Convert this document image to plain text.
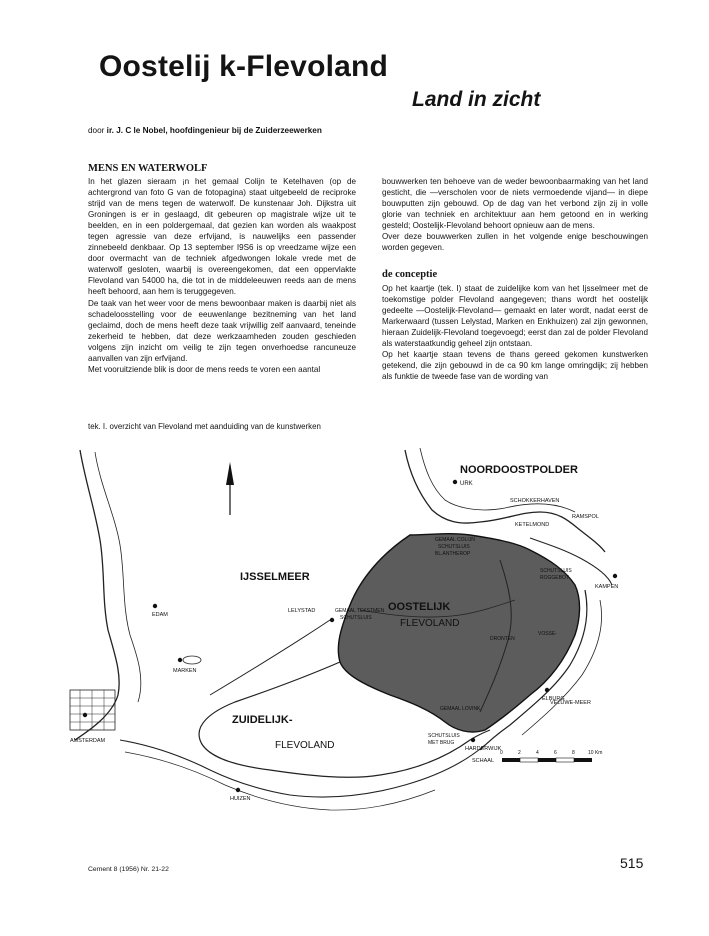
Oostelij k-Flevoland
Land in zicht
door ir. J. C le Nobel, hoofdingenieur bij de Zuiderzeewerken
MENS EN WATERWOLF

In het glazen sieraam ¡n het gemaal Colijn te Ketelhaven (op de achtergrond van foto G van de fotopagina) staat uitgebeeld de reciproke strijd van de mens tegen de waterwolf. De kunstenaar Joh. Dijkstra uit Groningen is er in geslaagd, dit gebeuren op magistrale wijze uit te beelden, en in een poldergemaal, dat gezien kan worden als waakpost tegen agressie van deze erfvijand, is nauwelijks een passender zinnebeeld denkbaar. Op 13 september I9S6 is op vreedzame wijze een door overmacht van de techniek afgedwongen lokale vrede met de waterwolf gesloten, waarbij is overeengekomen, dat een oppervlakte Flevoland van 54000 ha, die tot in de middeleeuwen reeds aan de mens heeft behoord, aan hem is teruggegeven.

De taak van het weer voor de mens bewoonbaar maken is daarbij niet als schadeloosstelling voor de eeuwenlange bezitneming van het land geclaimd, doch de mens heeft deze taak vrijwillig zelf aanvaard, teneinde zekerheid te hebben, dat deze werkzaamheden zouden geschieden volgens zijn inzicht om veilig te zijn tegen onverhoedse rancuneuze aanvallen van zijn erfvijand.

Met vooruitziende blik is door de mens reeds te voren een aantal

bouwwerken ten behoeve van de weder bewoonbaarmaking van het land gesticht, die —verscholen voor de niets vermoedende vijand— in diepe bouwputten zijn gebouwd. Op de dag van het verbond zijn zij in volle glorie van techniek en architektuur aan hem getoond en in werking gesteld; Oostelijk-Flevoland behoort opnieuw aan de mens.

Over deze bouwwerken zullen in het volgende enige beschouwingen worden gegeven.

de conceptie

Op het kaartje (tek. I) staat de zuidelijke kom van het Ijsselmeer met de toekomstige polder Flevoland aangegeven; thans wordt het oostelijk gedeelte —Oostelijk-Flevoland— gemaakt en later wordt, nadat eerst de Markerwaard (tussen Lelystad, Marken en Enkhuizen) zal zijn gewonnen, hieraan Zuidelijk-Flevoland toegevoegd; eerst dan zal de polder Flevoland als waterstaatkundig geheel zijn ontstaan.

Op het kaartje staan tevens de thans gereed gekomen kunstwerken getekend, die zijn gebouwd in de ca 90 km lange omringdijk; zij hebben als funktie de tweede fase van de wording van

tek. I. overzicht van Flevoland met aanduiding van de kunstwerken
NOORDOOSTPOLDER
IJSSELMEER
OOSTELIJK
FLEVOLAND
ZUIDELIJK-
FLEVOLAND
URK
SCHOKKERHAVEN
RAMSPOL
KETELMOND
KAMPEN
SCHUTSLUIS
ROGGEBOT
GEMAAL COLIJN
SCHUTSLUIS
BL.ANTHEROP
LELYSTAD	GEMAAL TEKSTMEN
SCHUTSLUIS
EDAM
MARKEN
AMSTERDAM
HUIZEN
HARDERWIJK
SCHUTSLUIS
MET BRUG
ELBURG
VELUWE-MEER
VOSSE-
DRONTEN
GEMAAL LOVINK
SCHAAL
0	2	4	6	8	10 Km
Cement 8 (1956) Nr. 21-22	515
